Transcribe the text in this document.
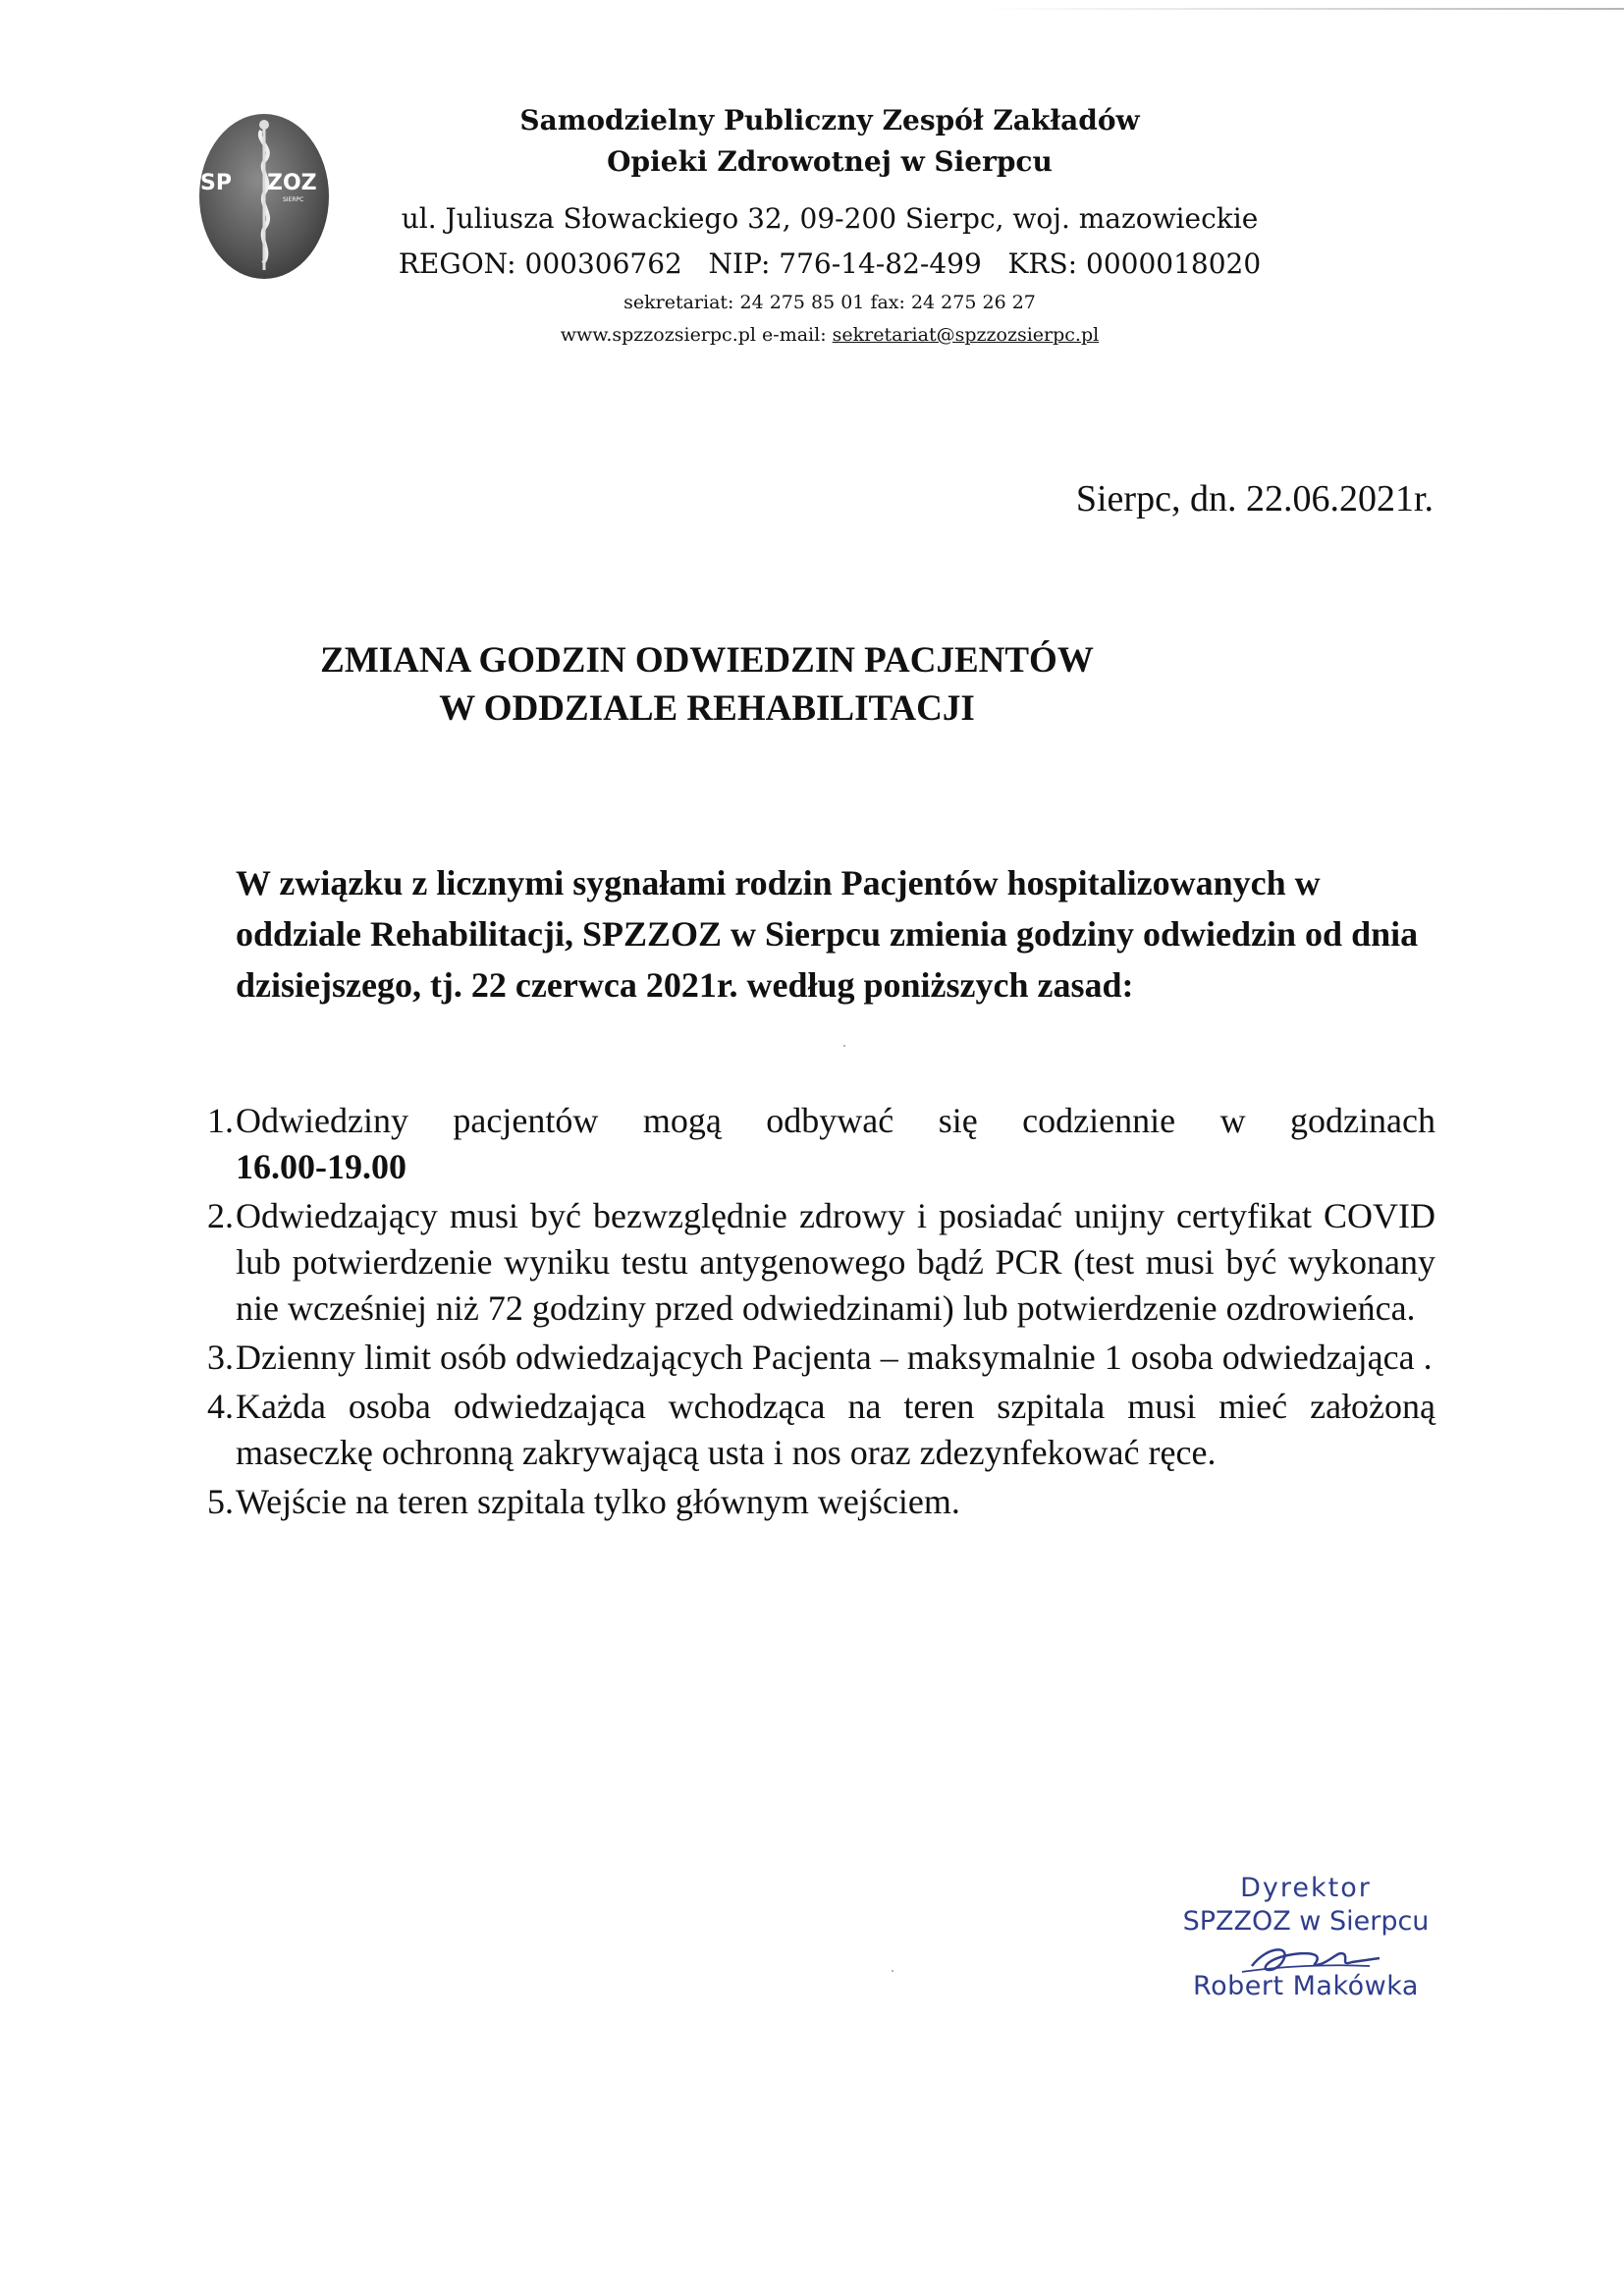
SP ZOZ
SIERPC

Samodzielny Publiczny Zespół Zakładów

Opieki Zdrowotnej w Sierpcu

ul. Juliusza Słowackiego 32, 09-200 Sierpc, woj. mazowieckie

REGON: 000306762   NIP: 776-14-82-499   KRS: 0000018020

sekretariat: 24 275 85 01 fax: 24 275 26 27

www.spzzozsierpc.pl e-mail: sekretariat@spzzozsierpc.pl

Sierpc, dn. 22.06.2021r.
ZMIANA GODZIN ODWIEDZIN PACJENTÓW
W ODDZIALE REHABILITACJI
W związku z licznymi sygnałami rodzin Pacjentów hospitalizowanych w oddziale Rehabilitacji, SPZZOZ w Sierpcu zmienia godziny odwiedzin od dnia dzisiejszego, tj. 22 czerwca 2021r. według poniższych zasad:
1. Odwiedziny pacjentów mogą odbywać się codziennie w godzinach
16.00-19.00
2. Odwiedzający musi być bezwzględnie zdrowy i posiadać unijny certyfikat COVID lub potwierdzenie wyniku testu antygenowego bądź PCR (test musi być wykonany nie wcześniej niż 72 godziny przed odwiedzinami) lub potwierdzenie ozdrowieńca.
3. Dzienny limit osób odwiedzających Pacjenta – maksymalnie 1 osoba odwiedzająca .
4. Każda osoba odwiedzająca wchodząca na teren szpitala musi mieć założoną maseczkę ochronną zakrywającą usta i nos oraz zdezynfekować ręce.
5. Wejście na teren szpitala tylko głównym wejściem.
Dyrektor
SPZZOZ w Sierpcu
Robert Makówka
